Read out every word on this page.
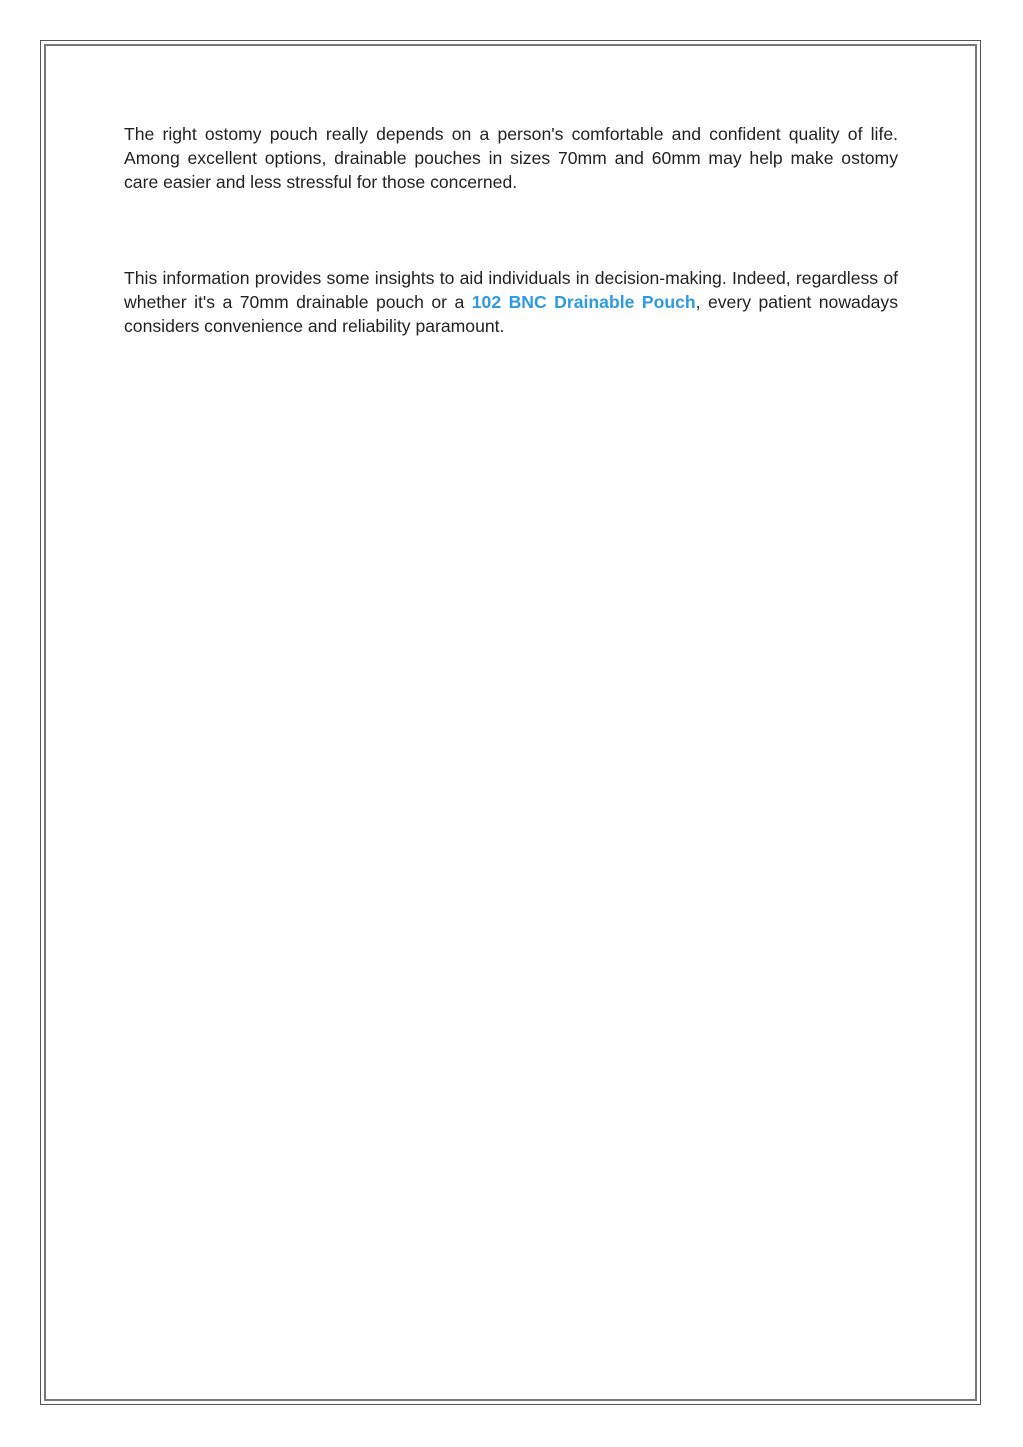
The right ostomy pouch really depends on a person's comfortable and confident quality of life. Among excellent options, drainable pouches in sizes 70mm and 60mm may help make ostomy care easier and less stressful for those concerned.

This information provides some insights to aid individuals in decision-making. Indeed, regardless of whether it's a 70mm drainable pouch or a 102 BNC Drainable Pouch, every patient nowadays considers convenience and reliability paramount.
